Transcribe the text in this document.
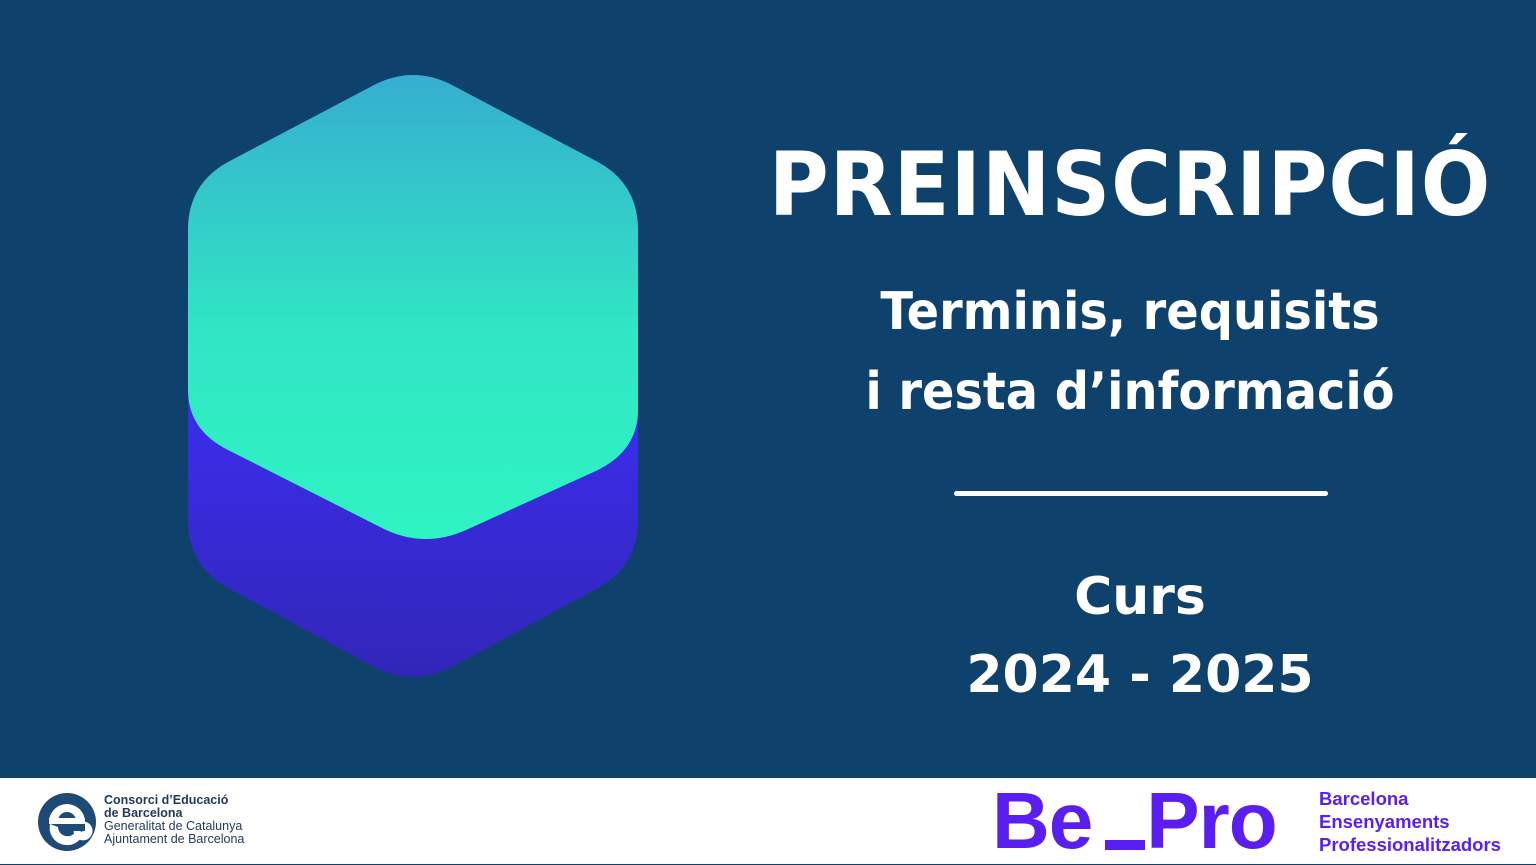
PREINSCRIPCIÓ
Terminis, requisits
i resta d’informació
Curs
2024 - 2025
Consorci d’Educació
de Barcelona
Generalitat de Catalunya
Ajuntament de Barcelona	Be Pro Barcelona
Ensenyaments
Professionalitzadors
